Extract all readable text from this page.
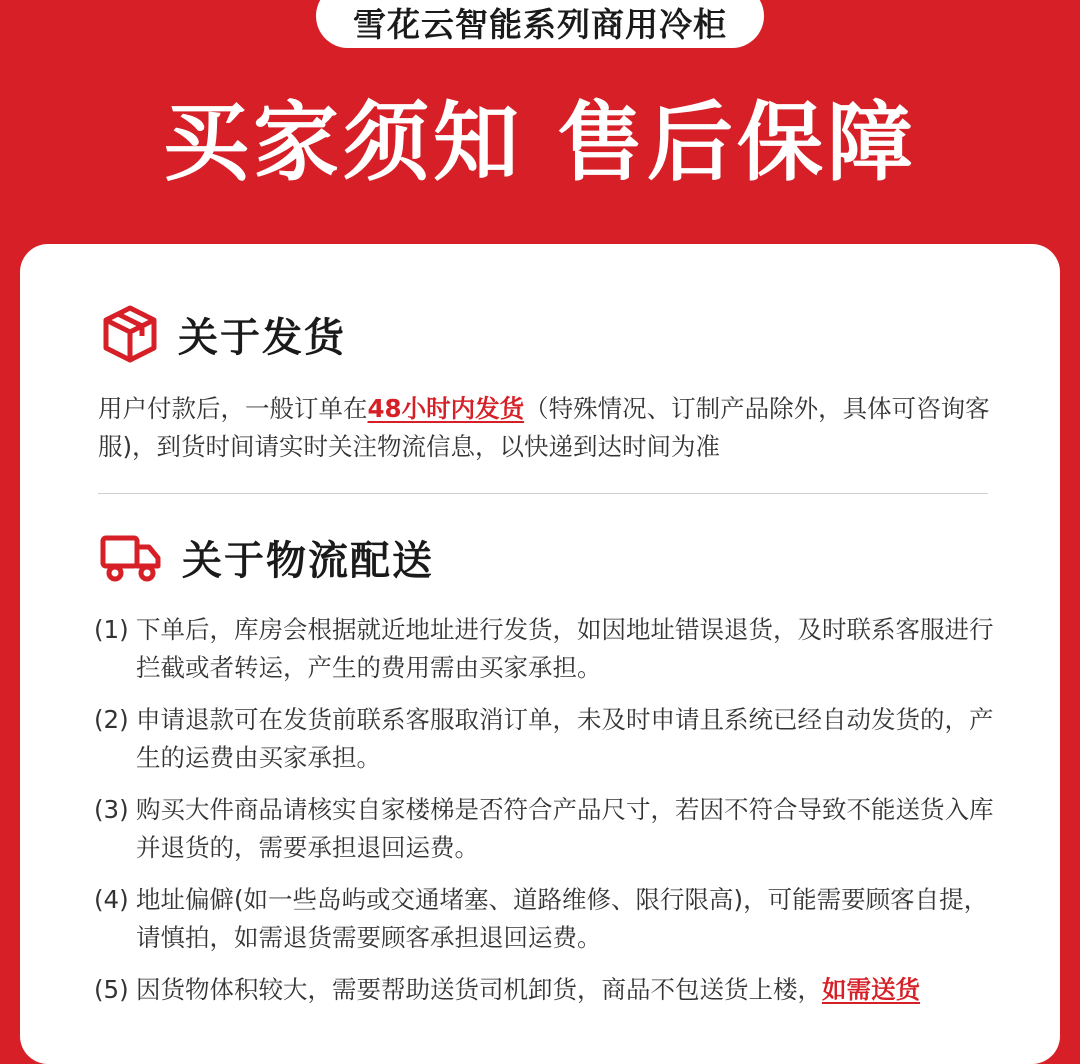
雪花云智能系列商用冷柜
买家须知 售后保障
关于发货
用户付款后，一般订单在48小时内发货（特殊情况、订制产品除外，具体可咨询客服)，到货时间请实时关注物流信息，以快递到达时间为准
关于物流配送
(1) 下单后，库房会根据就近地址进行发货，如因地址错误退货，及时联系客服进行拦截或者转运，产生的费用需由买家承担。
(2) 申请退款可在发货前联系客服取消订单，未及时申请且系统已经自动发货的，产生的运费由买家承担。
(3) 购买大件商品请核实自家楼梯是否符合产品尺寸，若因不符合导致不能送货入库并退货的，需要承担退回运费。
(4) 地址偏僻(如一些岛屿或交通堵塞、道路维修、限行限高)，可能需要顾客自提，请慎拍，如需退货需要顾客承担退回运费。
(5) 因货物体积较大，需要帮助送货司机卸货，商品不包送货上楼，如需送货
